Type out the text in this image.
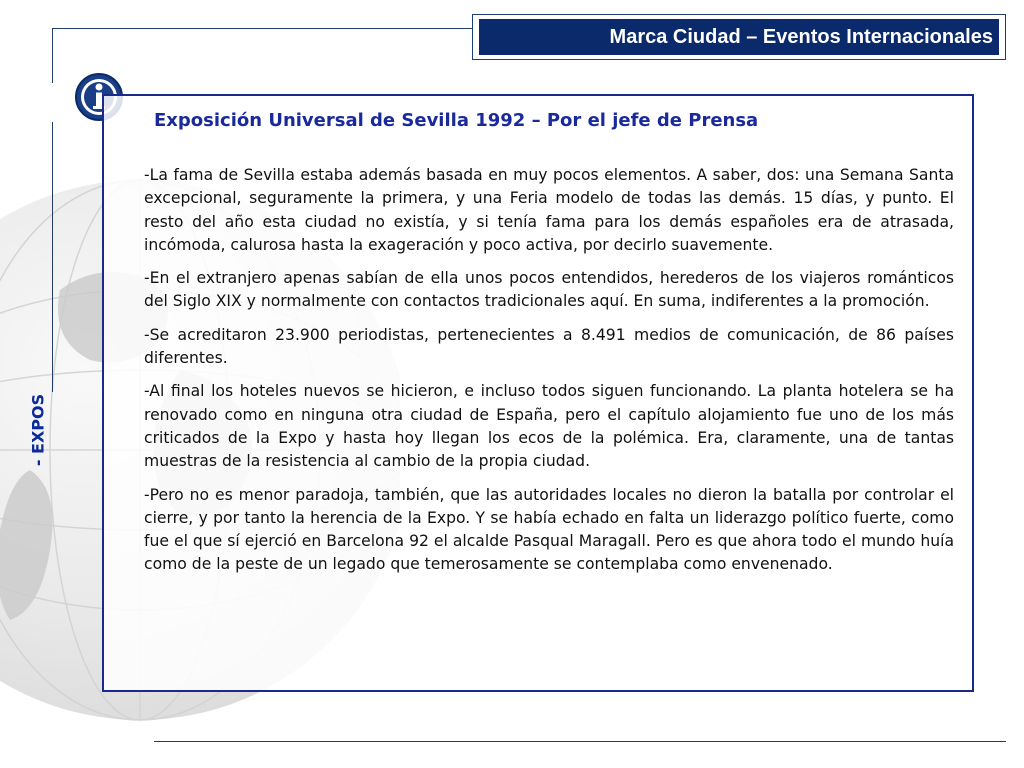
Marca Ciudad – Eventos Internacionales
- EXPOS
Exposición Universal de Sevilla 1992 – Por el jefe de Prensa

-La fama de Sevilla estaba además basada en muy pocos elementos. A saber, dos: una Semana Santa excepcional, seguramente la primera, y una Feria modelo de todas las demás. 15 días, y punto. El resto del año esta ciudad no existía, y si tenía fama para los demás españoles era de atrasada, incómoda, calurosa hasta la exageración y poco activa, por decirlo suavemente.

-En el extranjero apenas sabían de ella unos pocos entendidos, herederos de los viajeros románticos del Siglo XIX y normalmente con contactos tradicionales aquí. En suma, indiferentes a la promoción.

-Se acreditaron 23.900 periodistas, pertenecientes a 8.491 medios de comunicación, de 86 países diferentes.

-Al final los hoteles nuevos se hicieron, e incluso todos siguen funcionando. La planta hotelera se ha renovado como en ninguna otra ciudad de España, pero el capítulo alojamiento fue uno de los más criticados de la Expo y hasta hoy llegan los ecos de la polémica. Era, claramente, una de tantas muestras de la resistencia al cambio de la propia ciudad.

-Pero no es menor paradoja, también, que las autoridades locales no dieron la batalla por controlar el cierre, y por tanto la herencia de la Expo. Y se había echado en falta un liderazgo político fuerte, como fue el que sí ejerció en Barcelona 92 el alcalde Pasqual Maragall. Pero es que ahora todo el mundo huía como de la peste de un legado que temerosamente se contemplaba como envenenado.
